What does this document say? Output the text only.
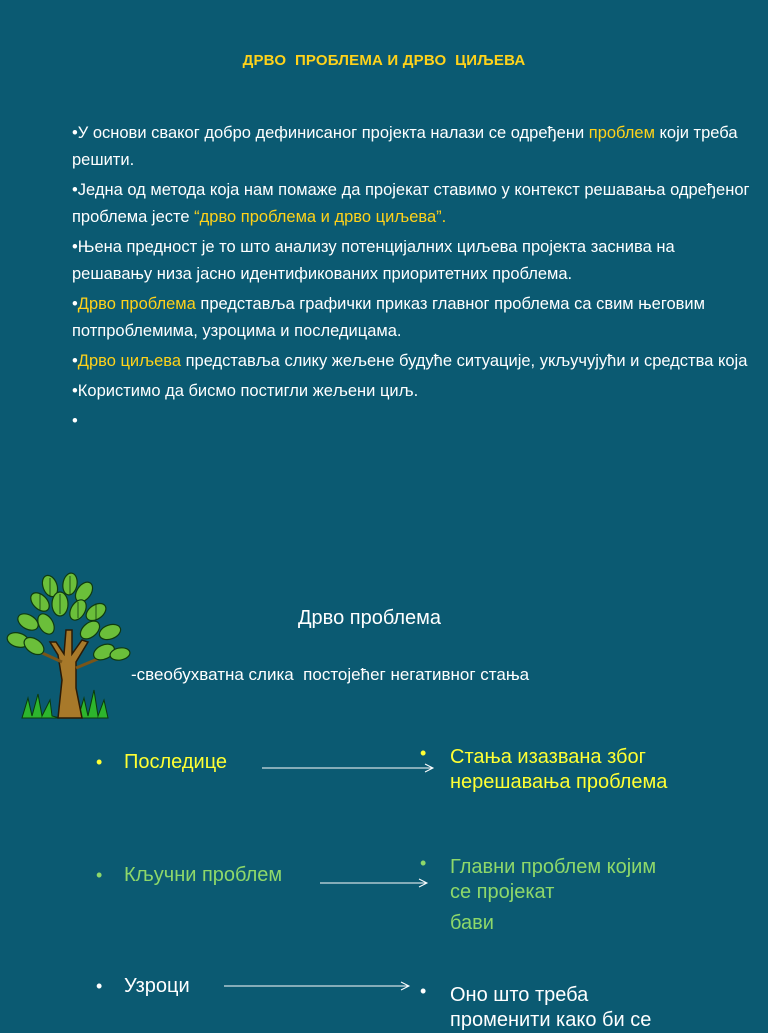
ДРВО  ПРОБЛЕМА И ДРВО  ЦИЉЕВА

•У основи сваког добро дефинисаног пројекта налази се одређени проблем који треба решити.

•Једна од метода која нам помаже да пројекат ставимо у контекст решавања одређеног проблема јесте “дрво проблема и дрво циљева”.

•Њена предност је то што анализу потенцијалних циљева пројекта заснива на решавању низа јасно идентификованих приоритетних проблема.

•Дрво проблема представља графички приказ главног проблема са свим његовим потпроблемима, узроцима и последицама.

•Дрво циљева представља слику жељене будуће ситуације, укључујући и средства која

•Користимо да бисмо постигли жељени циљ.

•

Дрво проблема
-свеобухватна слика  постојећег негативног стања
• Последице	• Стања изазвана због
нерешавања проблема
• Кључни проблем
• Главни проблем којим
се пројекат
бави
• Узроци	• Оно што треба
променити како би се
